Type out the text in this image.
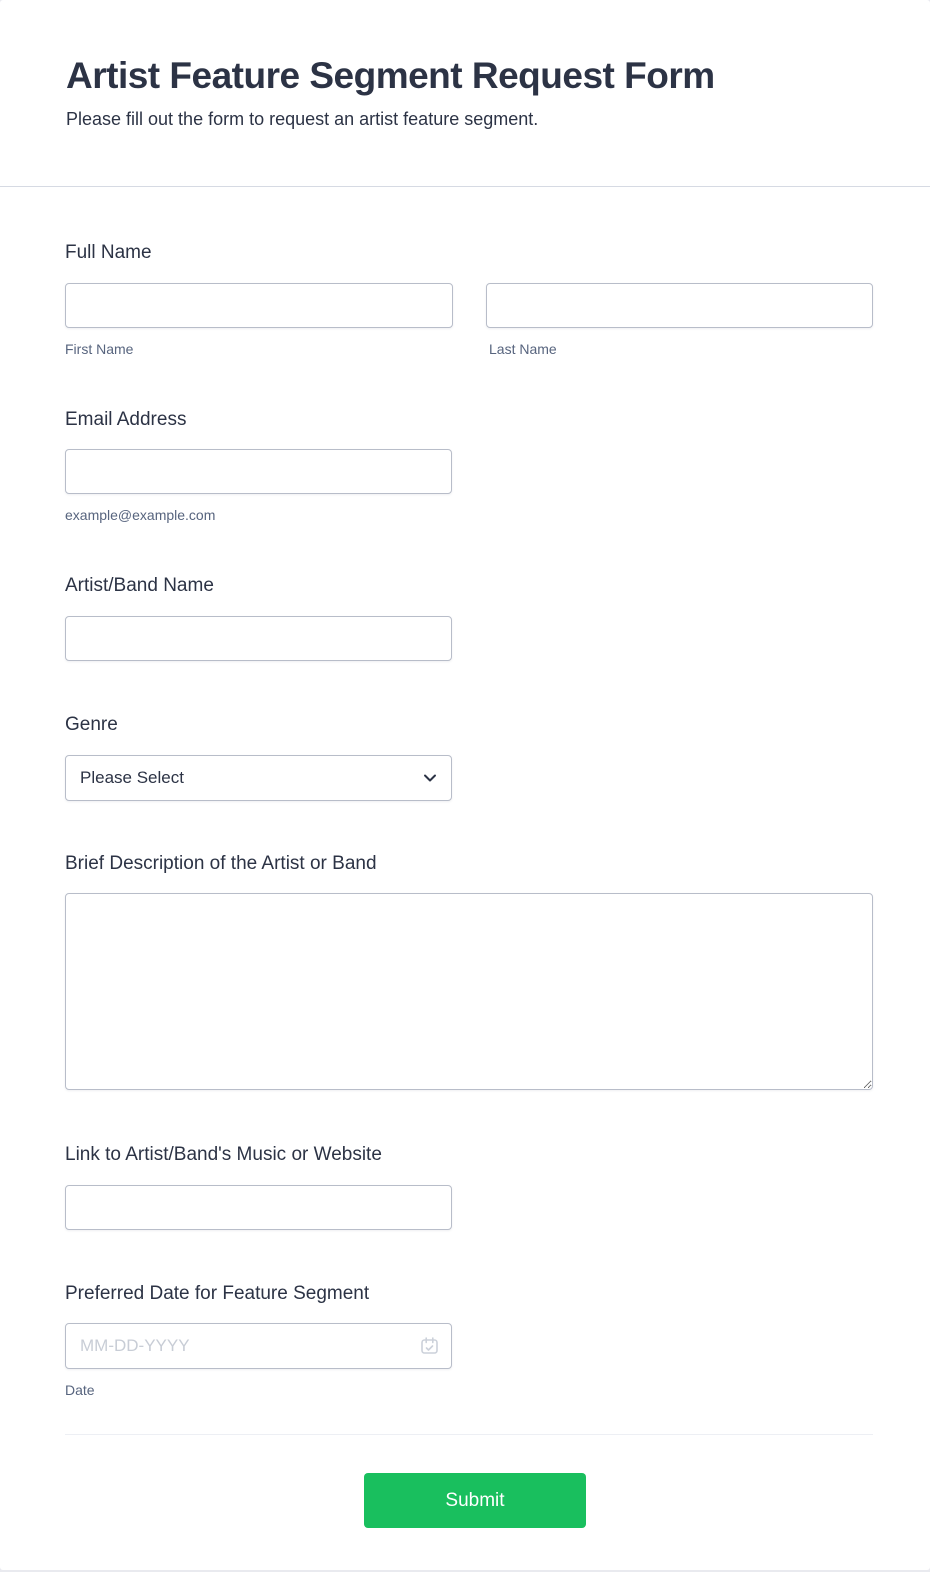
Artist Feature Segment Request Form
Please fill out the form to request an artist feature segment.
Full Name
First Name	Last Name
Email Address
example@example.com
Artist/Band Name
Genre
Please Select
Brief Description of the Artist or Band
Link to Artist/Band's Music or Website
Preferred Date for Feature Segment
MM-DD-YYYY
Date
Submit
